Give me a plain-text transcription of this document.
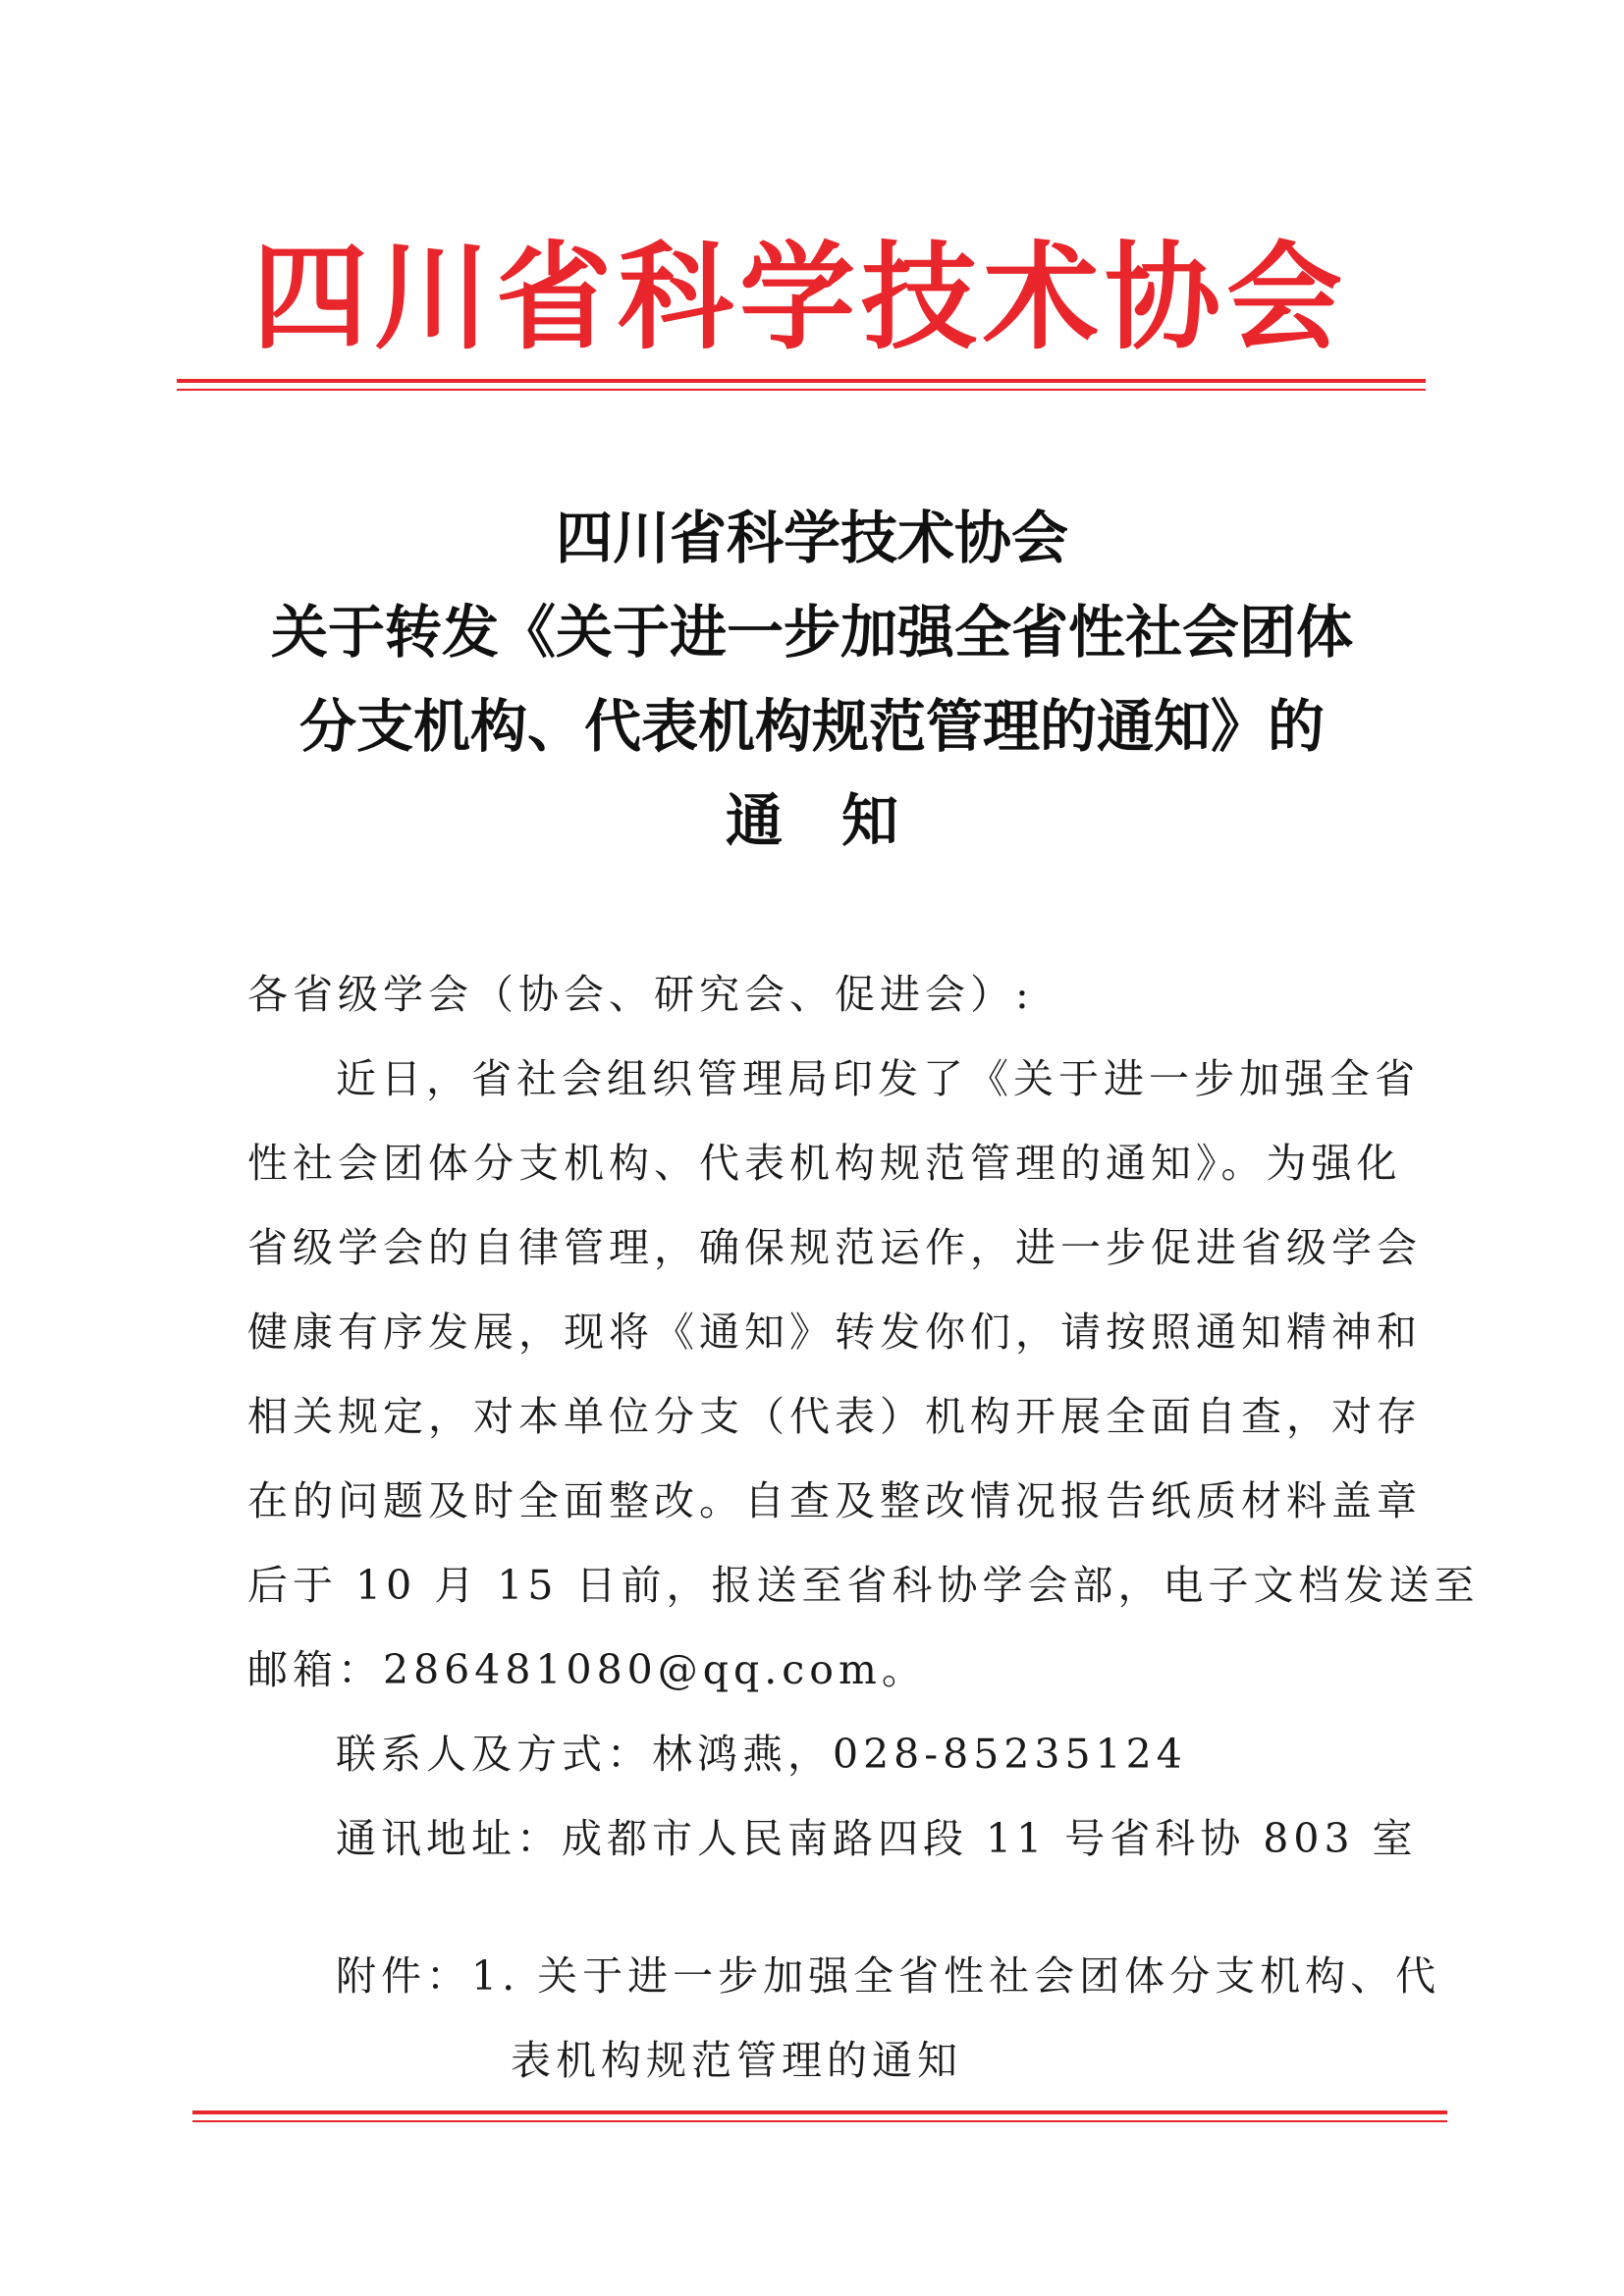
四川省科学技术协会
四川省科学技术协会
关于转发《关于进一步加强全省性社会团体
分支机构、代表机构规范管理的通知》的
通知
各省级学会（协会、研究会、促进会）:
近日，省社会组织管理局印发了《关于进一步加强全省
性社会团体分支机构、代表机构规范管理的通知》。为强化
省级学会的自律管理，确保规范运作，进一步促进省级学会
健康有序发展，现将《通知》转发你们，请按照通知精神和
相关规定，对本单位分支（代表）机构开展全面自查，对存
在的问题及时全面整改。自查及整改情况报告纸质材料盖章
后于 10 月 15 日前，报送至省科协学会部，电子文档发送至
邮箱：286481080@qq.com。
联系人及方式：林鸿燕，028-85235124
通讯地址：成都市人民南路四段 11 号省科协 803 室
附件：1. 关于进一步加强全省性社会团体分支机构、代
表机构规范管理的通知
